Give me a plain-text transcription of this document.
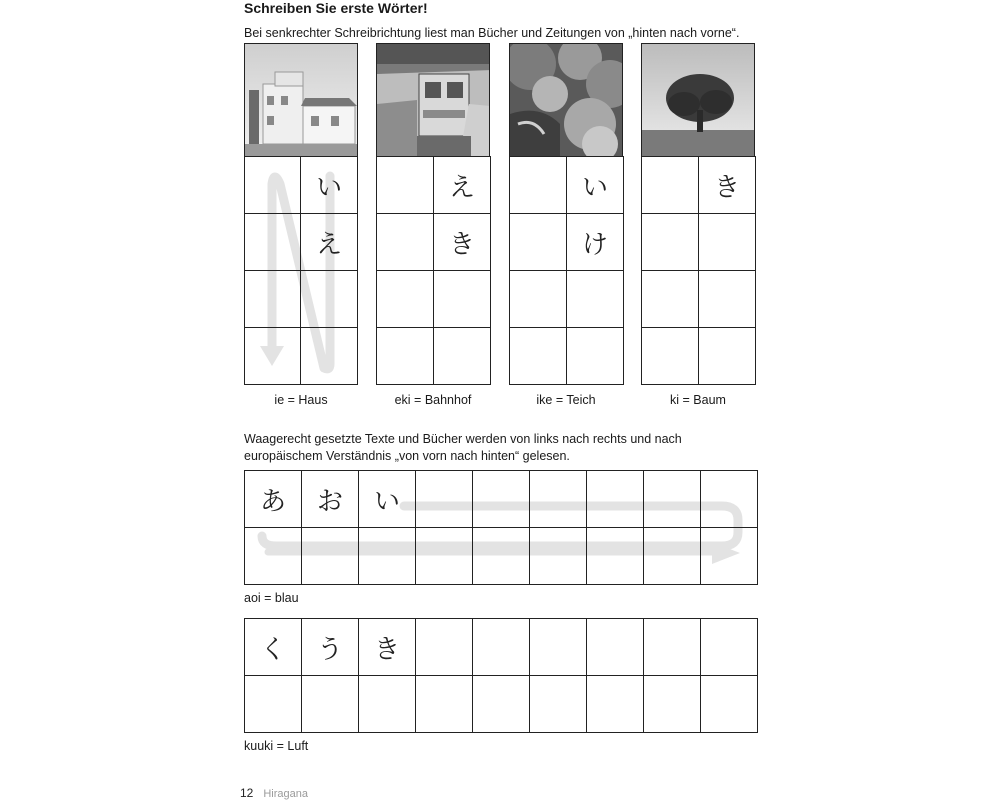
Schreiben Sie erste Wörter!
Bei senkrechter Schreibrichtung liest man Bücher und Zeitungen von „hinten nach vorne“.
	い
	え

	え
	き

	い
	け

	き

ie = Haus	eki = Bahnhof	ike = Teich	ki = Baum
Waagerecht gesetzte Texte und Bücher werden von links nach rechts und nach
europäischem Verständnis „von vorn nach hinten“ gelesen.
あ	お	い						

aoi = blau
く	う	き						

kuuki = Luft
12 Hiragana
